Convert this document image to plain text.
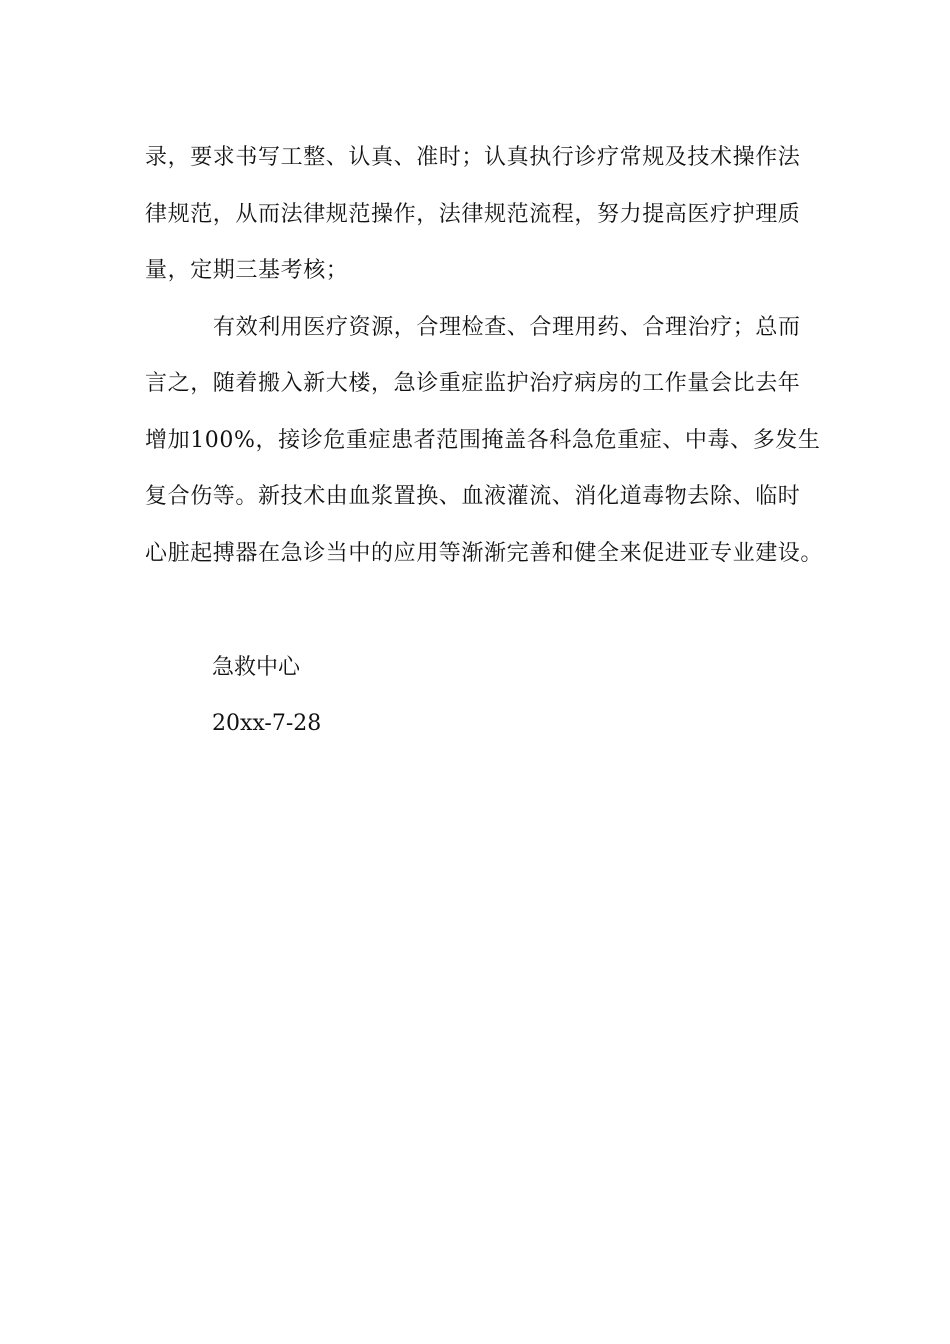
录，要求书写工整、认真、准时；认真执行诊疗常规及技术操作法
律规范，从而法律规范操作，法律规范流程，努力提高医疗护理质
量，定期三基考核；
有效利用医疗资源，合理检查、合理用药、合理治疗；总而
言之，随着搬入新大楼，急诊重症监护治疗病房的工作量会比去年
增加100%，接诊危重症患者范围掩盖各科急危重症、中毒、多发生
复合伤等。新技术由血浆置换、血液灌流、消化道毒物去除、临时
心脏起搏器在急诊当中的应用等渐渐完善和健全来促进亚专业建设。
急救中心
20xx-7-28
